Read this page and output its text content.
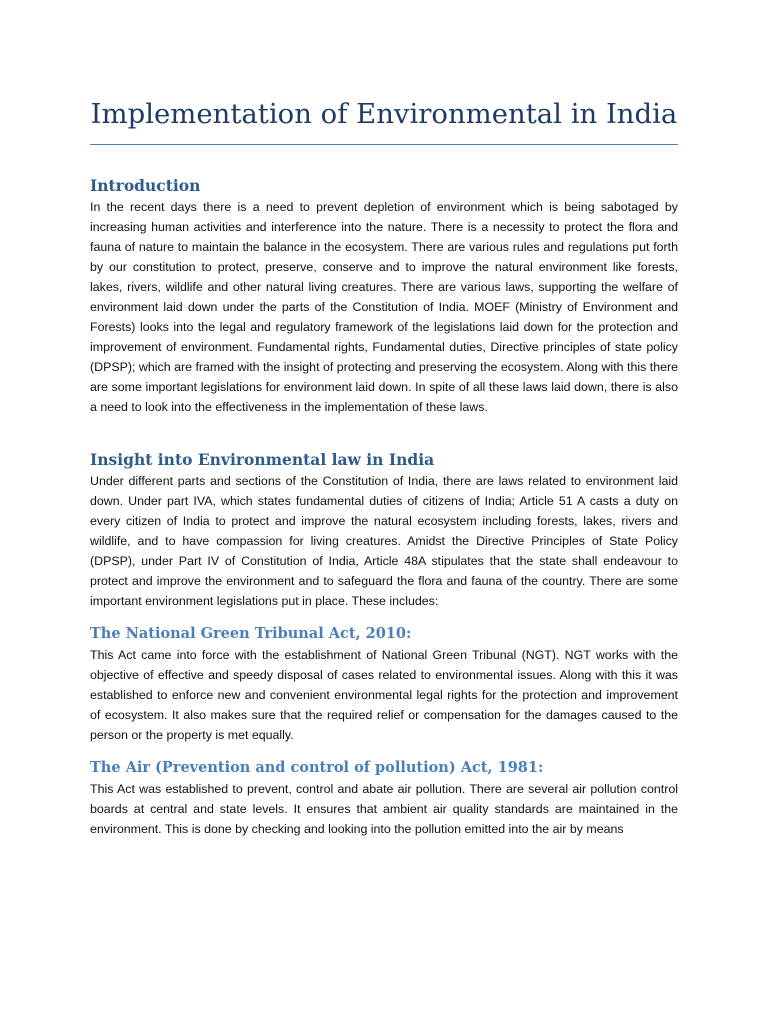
Implementation of Environmental in India
Introduction

In the recent days there is a need to prevent depletion of environment which is being sabotaged by increasing human activities and interference into the nature. There is a necessity to protect the flora and fauna of nature to maintain the balance in the ecosystem. There are various rules and regulations put forth by our constitution to protect, preserve, conserve and to improve the natural environment like forests, lakes, rivers, wildlife and other natural living creatures. There are various laws, supporting the welfare of environment laid down under the parts of the Constitution of India. MOEF (Ministry of Environment and Forests) looks into the legal and regulatory framework of the legislations laid down for the protection and improvement of environment. Fundamental rights, Fundamental duties, Directive principles of state policy (DPSP); which are framed with the insight of protecting and preserving the ecosystem. Along with this there are some important legislations for environment laid down. In spite of all these laws laid down, there is also a need to look into the effectiveness in the implementation of these laws.

Insight into Environmental law in India

Under different parts and sections of the Constitution of India, there are laws related to environment laid down. Under part IVA, which states fundamental duties of citizens of India; Article 51 A casts a duty on every citizen of India to protect and improve the natural ecosystem including forests, lakes, rivers and wildlife, and to have compassion for living creatures. Amidst the Directive Principles of State Policy (DPSP), under Part IV of Constitution of India, Article 48A stipulates that the state shall endeavour to protect and improve the environment and to safeguard the flora and fauna of the country. There are some important environment legislations put in place. These includes:

The National Green Tribunal Act, 2010:

This Act came into force with the establishment of National Green Tribunal (NGT). NGT works with the objective of effective and speedy disposal of cases related to environmental issues. Along with this it was established to enforce new and convenient environmental legal rights for the protection and improvement of ecosystem. It also makes sure that the required relief or compensation for the damages caused to the person or the property is met equally.

The Air (Prevention and control of pollution) Act, 1981:

This Act was established to prevent, control and abate air pollution. There are several air pollution control boards at central and state levels. It ensures that ambient air quality standards are maintained in the environment. This is done by checking and looking into the pollution emitted into the air by means
